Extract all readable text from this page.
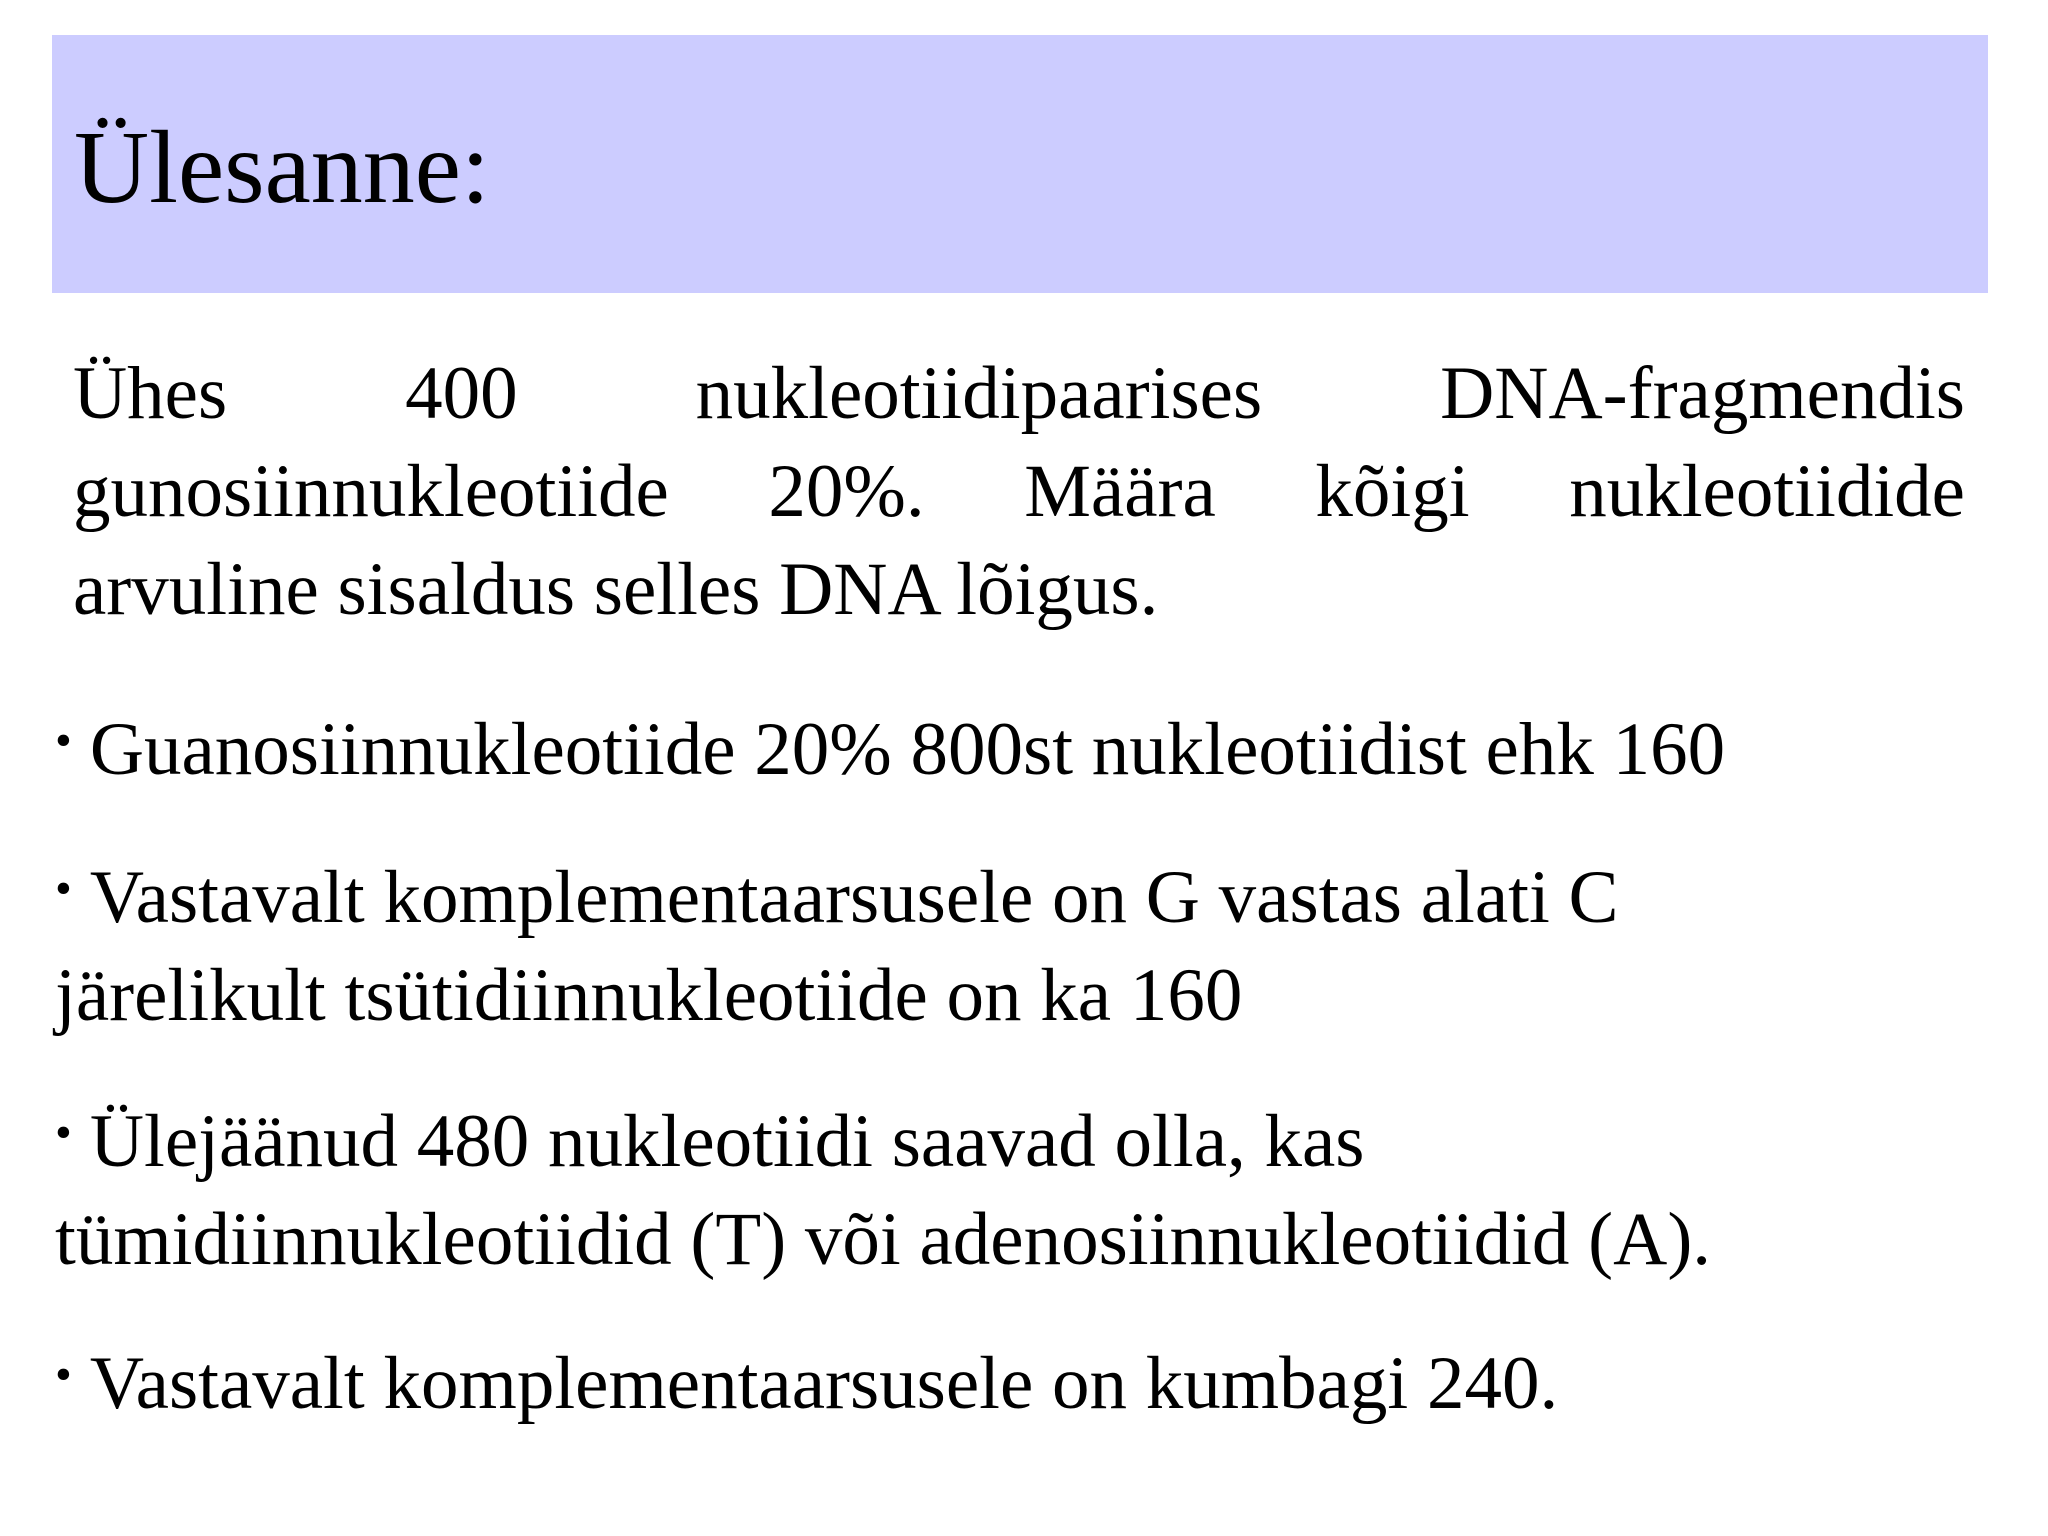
Ülesanne:
Ühes 400 nukleotiidipaarises DNA-fragmendis
gunosiinnukleotiide 20%. Määra kõigi nukleotiidide
arvuline sisaldus selles DNA lõigus.
• Guanosiinnukleotiide 20% 800st nukleotiidist ehk 160
• Vastavalt komplementaarsusele on G vastas alati C
järelikult tsütidiinnukleotiide on ka 160
• Ülejäänud 480 nukleotiidi saavad olla, kas
tümidiinnukleotiidid (T) või adenosiinnukleotiidid (A).
• Vastavalt komplementaarsusele on kumbagi 240.
